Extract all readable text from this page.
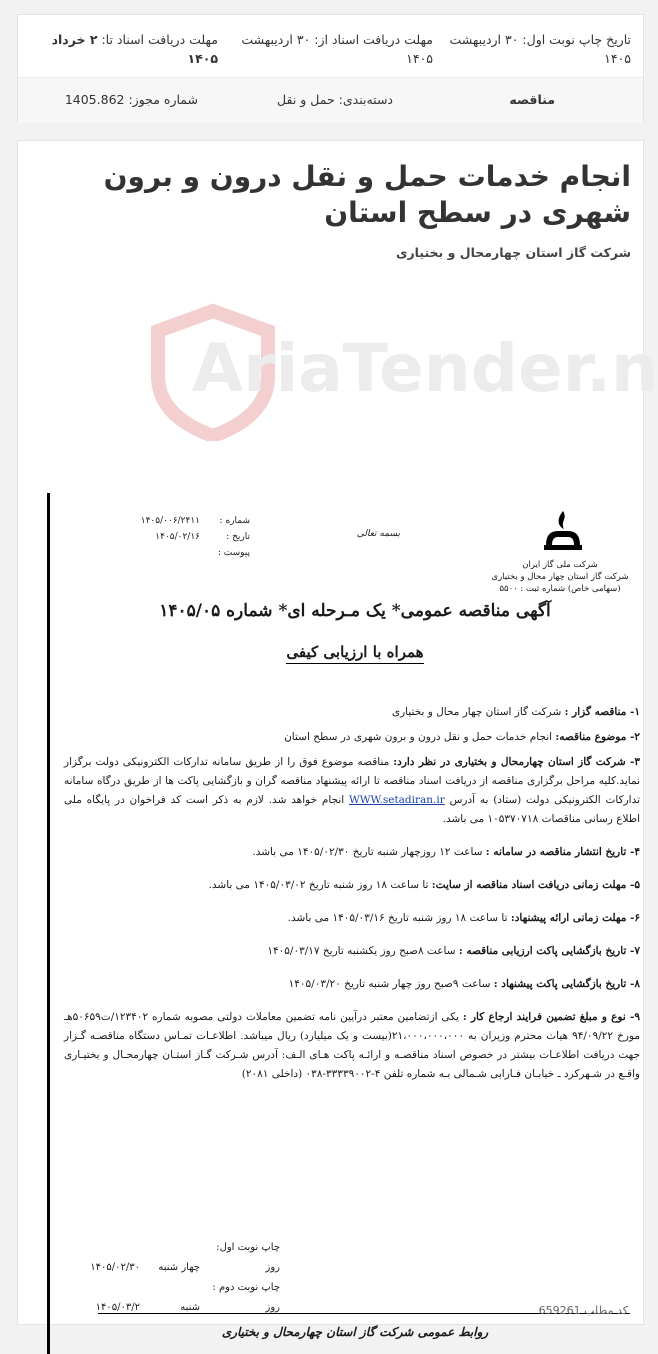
تاریخ چاپ نوبت اول: ۳۰ اردیبهشت ۱۴۰۵
مهلت دریافت اسناد از: ۳۰ اردیبهشت ۱۴۰۵
مهلت دریافت اسناد تا: ۲ خرداد ۱۴۰۵
مناقصه
دسته‌بندی: حمل و نقل
شماره مجوز: 1405.862
انجام خدمات حمل و نقل درون و برون شهری در سطح استان
شرکت گاز استان چهارمحال و بختیاری
AriaTender.n
شرکت ملی گاز ایران
شرکت گاز استان چهار محال و بختیاری
(سهامی خاص) شماره ثبت : ۵۵۰۰
بسمه تعالی
شماره :۱۴۰۵/۰۰۶/۲۴۱۱
تاریخ :۱۴۰۵/۰۲/۱۶
پیوست :
آگهی مناقصه عمومی* یک مـرحله ای* شماره ۱۴۰۵/۰۵
همراه با ارزیابی کیفی
۱- مناقصه گزار : شرکت گاز استان چهار محال و بختیاری
۲- موضوع مناقصه: انجام خدمات حمل و نقل درون و برون شهری در سطح استان
۳- شرکت گاز استان چهارمحال و بختیاری در نظر دارد: مناقصه موضوع فوق را از طریق سامانه تدارکات الکترونیکی دولت برگزار نماید.کلیه مراحل برگزاری مناقصه از دریافت اسناد مناقصه تا ارائه پیشنهاد مناقصه گران و بازگشایی پاکت ها از طریق درگاه سامانه تدارکات الکترونیکی دولت (ستاد) به آدرس WWW.setadiran.ir انجام خواهد شد. لازم به ذکر است کد فراخوان در پایگاه ملی اطلاع رسانی مناقصات ۱۰۵۳۷۰۷۱۸ می باشد.
۴- تاریخ انتشار مناقصه در سامانه : ساعت ۱۲ روزچهار شنبه تاریخ ۱۴۰۵/۰۲/۳۰ می باشد.
۵- مهلت زمانی دریافت اسناد مناقصه از سایت: تا ساعت ۱۸ روز شنبه تاریخ ۱۴۰۵/۰۳/۰۲ می باشد.
۶- مهلت زمانی ارائه پیشنهاد: تا ساعت ۱۸ روز شنبه تاریخ ۱۴۰۵/۰۳/۱۶ می باشد.
۷- تاریخ بازگشایی پاکت ارزیابی مناقصه : ساعت ۸صبح روز یکشنبه تاریخ ۱۴۰۵/۰۳/۱۷
۸- تاریخ بازگشایی پاکت پیشنهاد : ساعت ۹صبح روز چهار شنبه تاریخ ۱۴۰۵/۰۳/۲۰
۹- نوع و مبلغ تضمین فرایند ارجاع کار : یکی ازتضامین معتبر درآیین نامه تضمین معاملات دولتی مصوبه شماره ۱۲۳۴۰۲/ت۵۰۶۵۹هـ مورخ ۹۴/۰۹/۲۲ هیات محترم وزیران به ۲۱،۰۰۰،۰۰۰،۰۰۰(بیست و یک میلیارد) ریال میباشد. اطلاعـات تمـاس دستگاه مناقصـه گـزار جهت دریافت اطلاعـات بیشتر در خصوص اسناد مناقصـه و ارائـه پاکت هـای الـف: آدرس شـرکت گـاز استـان چهارمحـال و بختیـاری واقـع در شـهرکرد ـ خیابـان فـارابی شـمالی بـه شماره تلفن ۴-۳۳۳۳۹۰۰۲-۰۳۸ (داخلی ۲۰۸۱)
چاپ نوبت اول: روزچهار شنبه۱۴۰۵/۰۲/۳۰
چاپ نوبت دوم : روزشنبه۱۴۰۵/۰۳/۲
روابط عمومی شرکت گاز استان چهارمحال و بختیاری
کد مطلب 659261
